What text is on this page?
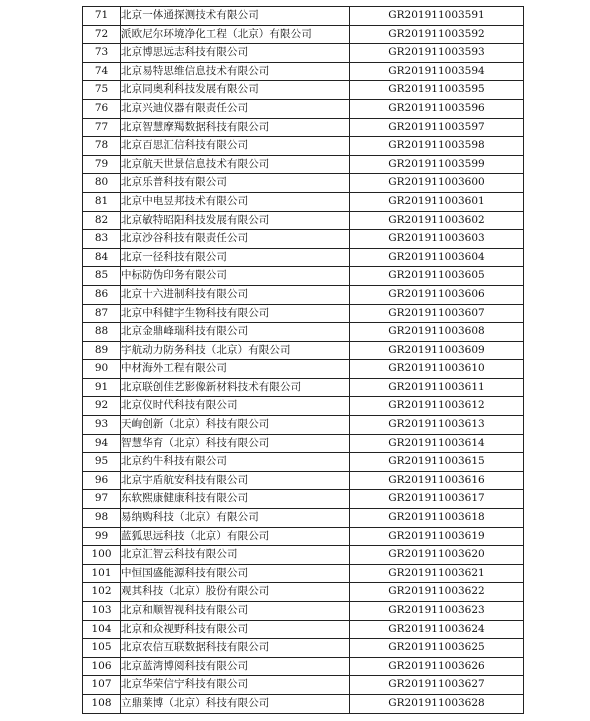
71	北京一体通探测技术有限公司	GR201911003591
72	派欧尼尔环境净化工程（北京）有限公司	GR201911003592
73	北京博思远志科技有限公司	GR201911003593
74	北京易特思维信息技术有限公司	GR201911003594
75	北京同奥利科技发展有限公司	GR201911003595
76	北京兴迪仪器有限责任公司	GR201911003596
77	北京智慧摩羯数据科技有限公司	GR201911003597
78	北京百思汇信科技有限公司	GR201911003598
79	北京航天世景信息技术有限公司	GR201911003599
80	北京乐普科技有限公司	GR201911003600
81	北京中电昱邦技术有限公司	GR201911003601
82	北京敏特昭阳科技发展有限公司	GR201911003602
83	北京沙谷科技有限责任公司	GR201911003603
84	北京一径科技有限公司	GR201911003604
85	中标防伪印务有限公司	GR201911003605
86	北京十六进制科技有限公司	GR201911003606
87	北京中科健宇生物科技有限公司	GR201911003607
88	北京金鼎峰瑞科技有限公司	GR201911003608
89	宇航动力防务科技（北京）有限公司	GR201911003609
90	中材海外工程有限公司	GR201911003610
91	北京联创佳艺影像新材料技术有限公司	GR201911003611
92	北京仪时代科技有限公司	GR201911003612
93	天峋创新（北京）科技有限公司	GR201911003613
94	智慧华育（北京）科技有限公司	GR201911003614
95	北京约牛科技有限公司	GR201911003615
96	北京宇盾航安科技有限公司	GR201911003616
97	东软熙康健康科技有限公司	GR201911003617
98	易纳购科技（北京）有限公司	GR201911003618
99	蓝狐思远科技（北京）有限公司	GR201911003619
100	北京汇智云科技有限公司	GR201911003620
101	中恒国盛能源科技有限公司	GR201911003621
102	观其科技（北京）股份有限公司	GR201911003622
103	北京和顺智视科技有限公司	GR201911003623
104	北京和众视野科技有限公司	GR201911003624
105	北京农信互联数据科技有限公司	GR201911003625
106	北京蓝湾博阅科技有限公司	GR201911003626
107	北京华荣信宁科技有限公司	GR201911003627
108	立鼎莱博（北京）科技有限公司	GR201911003628
